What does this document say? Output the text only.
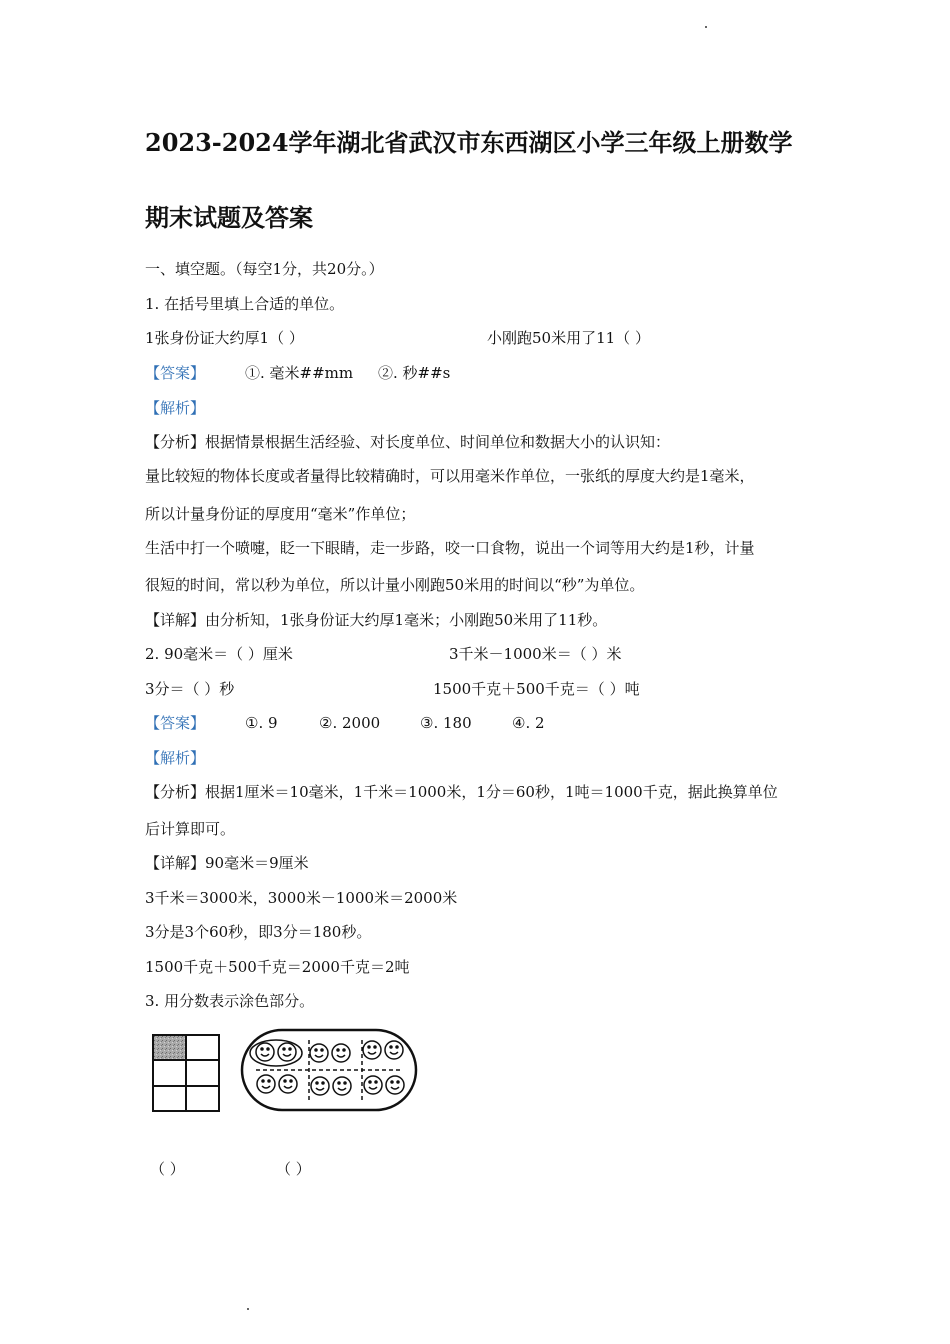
2023-2024学年湖北省武汉市东西湖区小学三年级上册数学
期末试题及答案
一、填空题。（每空1分，共20分。）
1. 在括号里填上合适的单位。
1张身份证大约厚1（ ）	小刚跑50米用了11（ ）
【答案】	①. 毫米##mm ②. 秒##s
【解析】
【分析】根据情景根据生活经验、对长度单位、时间单位和数据大小的认识知：
量比较短的物体长度或者量得比较精确时，可以用毫米作单位，一张纸的厚度大约是1毫米，
所以计量身份证的厚度用“毫米”作单位；
生活中打一个喷嚏，眨一下眼睛，走一步路，咬一口食物，说出一个词等用大约是1秒，计量
很短的时间，常以秒为单位，所以计量小刚跑50米用的时间以“秒”为单位。
【详解】由分析知，1张身份证大约厚1毫米；小刚跑50米用了11秒。
2. 90毫米＝（ ）厘米	3千米－1000米＝（ ）米
3分＝（ ）秒	1500千克＋500千克＝（ ）吨
【答案】	①. 9	②. 2000	③. 180	④. 2
【解析】
【分析】根据1厘米＝10毫米，1千米＝1000米，1分＝60秒，1吨＝1000千克，据此换算单位
后计算即可。
【详解】90毫米＝9厘米
3千米＝3000米，3000米－1000米＝2000米
3分是3个60秒，即3分＝180秒。
1500千克＋500千克＝2000千克＝2吨
3. 用分数表示涂色部分。
（ ）	（ ）
